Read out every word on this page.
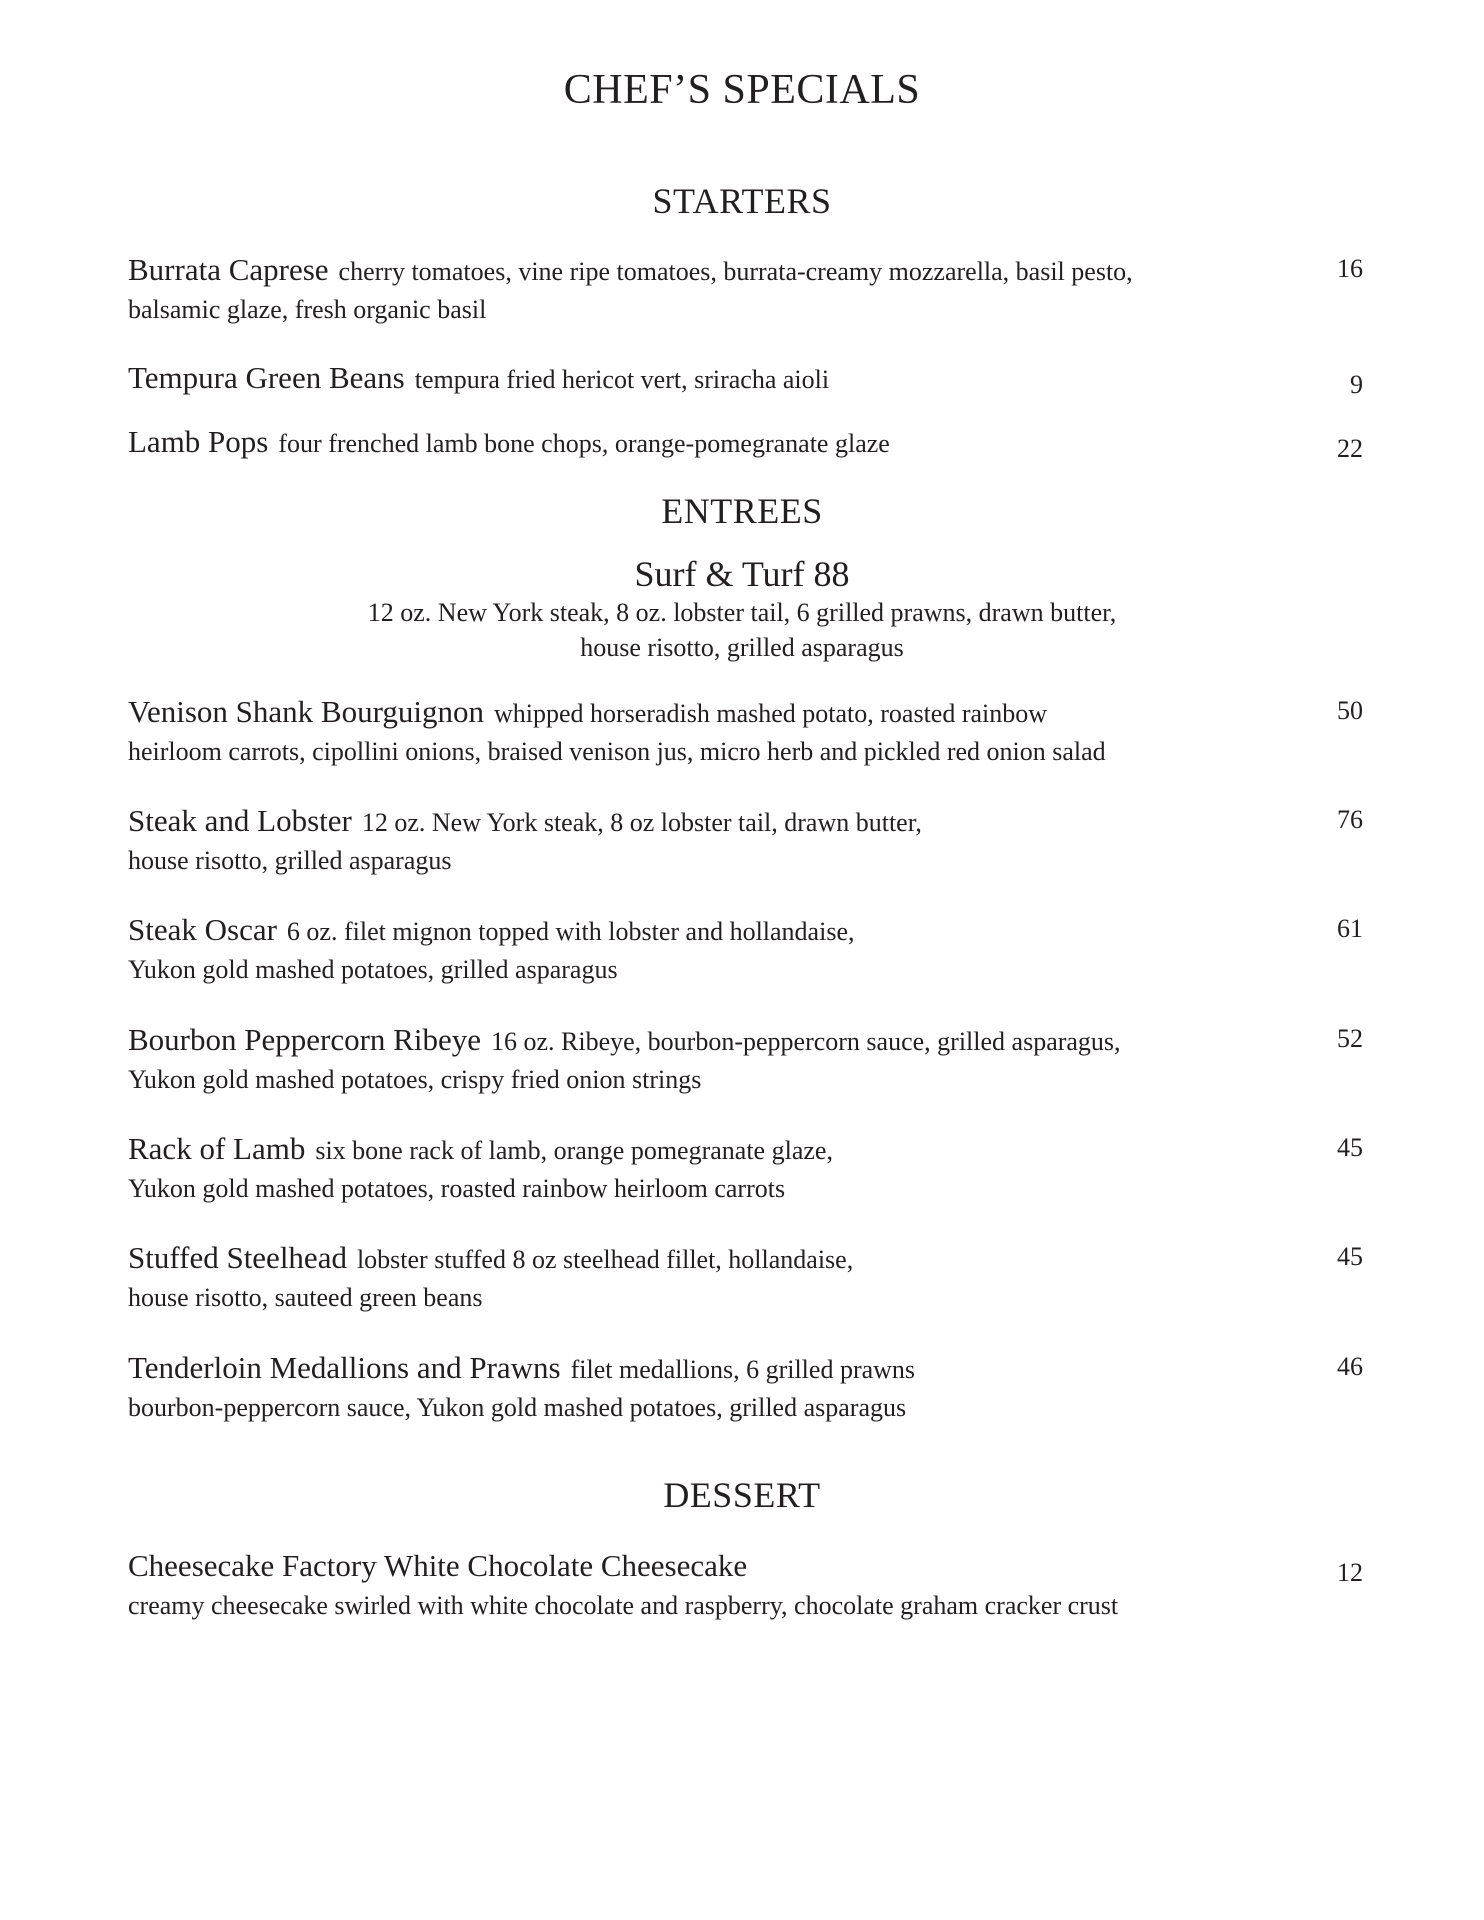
CHEF’S SPECIALS
STARTERS
Burrata Caprese cherry tomatoes, vine ripe tomatoes, burrata-creamy mozzarella, basil pesto,
balsamic glaze, fresh organic basil
16
Tempura Green Beans tempura fried hericot vert, sriracha aioli	9
Lamb Pops four frenched lamb bone chops, orange-pomegranate glaze	22
ENTREES
Surf & Turf 88
12 oz. New York steak, 8 oz. lobster tail, 6 grilled prawns, drawn butter,
house risotto, grilled asparagus
Venison Shank Bourguignon whipped horseradish mashed potato, roasted rainbow
heirloom carrots, cipollini onions, braised venison jus, micro herb and pickled red onion salad
50
Steak and Lobster 12 oz. New York steak, 8 oz lobster tail, drawn butter,
house risotto, grilled asparagus
76
Steak Oscar 6 oz. filet mignon topped with lobster and hollandaise,
Yukon gold mashed potatoes, grilled asparagus
61
Bourbon Peppercorn Ribeye 16 oz. Ribeye, bourbon-peppercorn sauce, grilled asparagus,
Yukon gold mashed potatoes, crispy fried onion strings
52
Rack of Lamb six bone rack of lamb, orange pomegranate glaze,
Yukon gold mashed potatoes, roasted rainbow heirloom carrots
45
Stuffed Steelhead lobster stuffed 8 oz steelhead fillet, hollandaise,
house risotto, sauteed green beans
45
Tenderloin Medallions and Prawns filet medallions, 6 grilled prawns
bourbon-peppercorn sauce, Yukon gold mashed potatoes, grilled asparagus
46
DESSERT
Cheesecake Factory White Chocolate Cheesecake
creamy cheesecake swirled with white chocolate and raspberry, chocolate graham cracker crust
12
